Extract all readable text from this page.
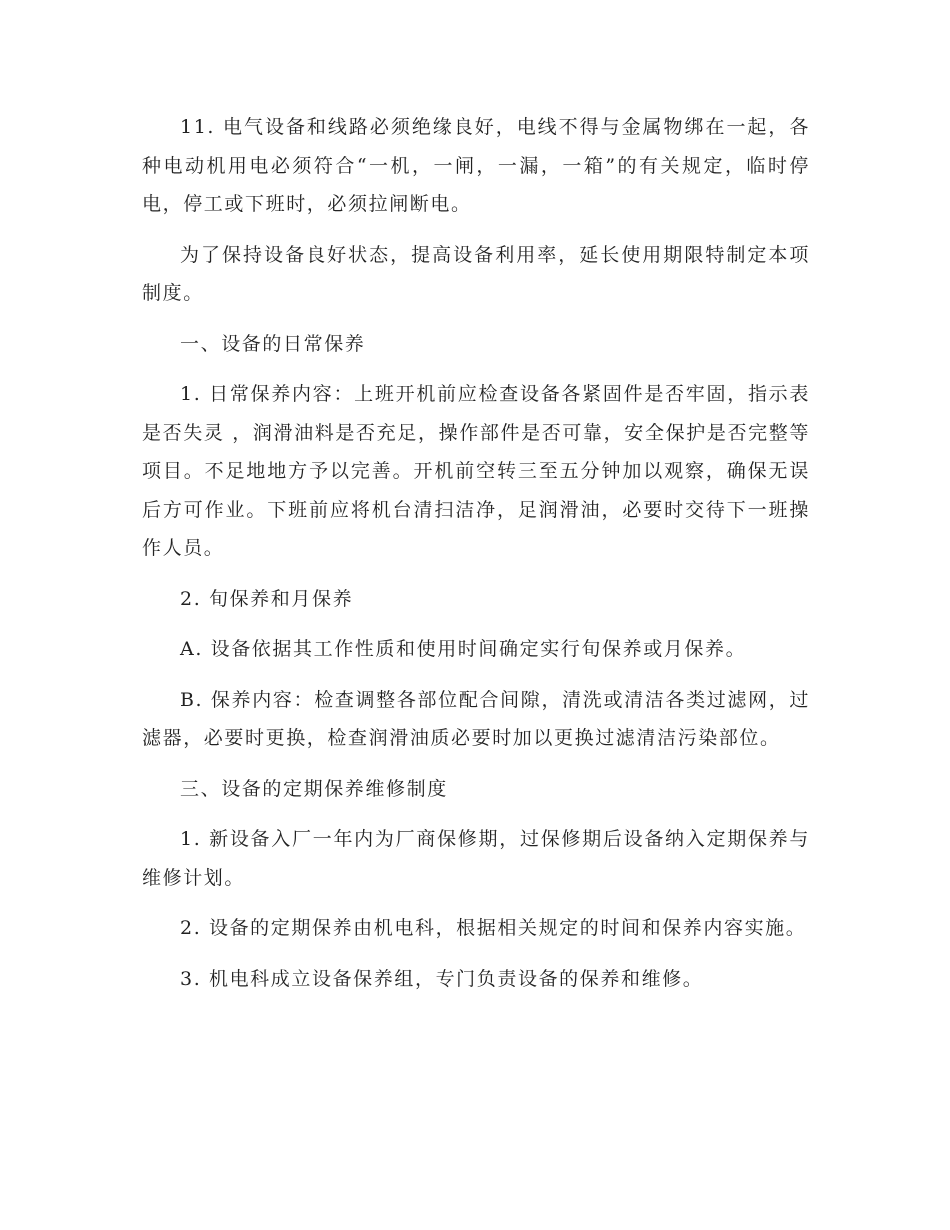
11. 电气设备和线路必须绝缘良好，电线不得与金属物绑在一起，各种电动机用电必须符合“一机，一闸，一漏，一箱”的有关规定，临时停电，停工或下班时，必须拉闸断电。

为了保持设备良好状态，提高设备利用率，延长使用期限特制定本项制度。

一、设备的日常保养

1. 日常保养内容：上班开机前应检查设备各紧固件是否牢固，指示表是否失灵 ，润滑油料是否充足，操作部件是否可靠，安全保护是否完整等项目。不足地地方予以完善。开机前空转三至五分钟加以观察，确保无误后方可作业。下班前应将机台清扫洁净，足润滑油，必要时交待下一班操作人员。

2. 旬保养和月保养

A. 设备依据其工作性质和使用时间确定实行旬保养或月保养。

B. 保养内容：检查调整各部位配合间隙，清洗或清洁各类过滤网，过滤器，必要时更换，检查润滑油质必要时加以更换过滤清洁污染部位。

三、设备的定期保养维修制度

1. 新设备入厂一年内为厂商保修期，过保修期后设备纳入定期保养与维修计划。

2. 设备的定期保养由机电科，根据相关规定的时间和保养内容实施。

3. 机电科成立设备保养组，专门负责设备的保养和维修。
